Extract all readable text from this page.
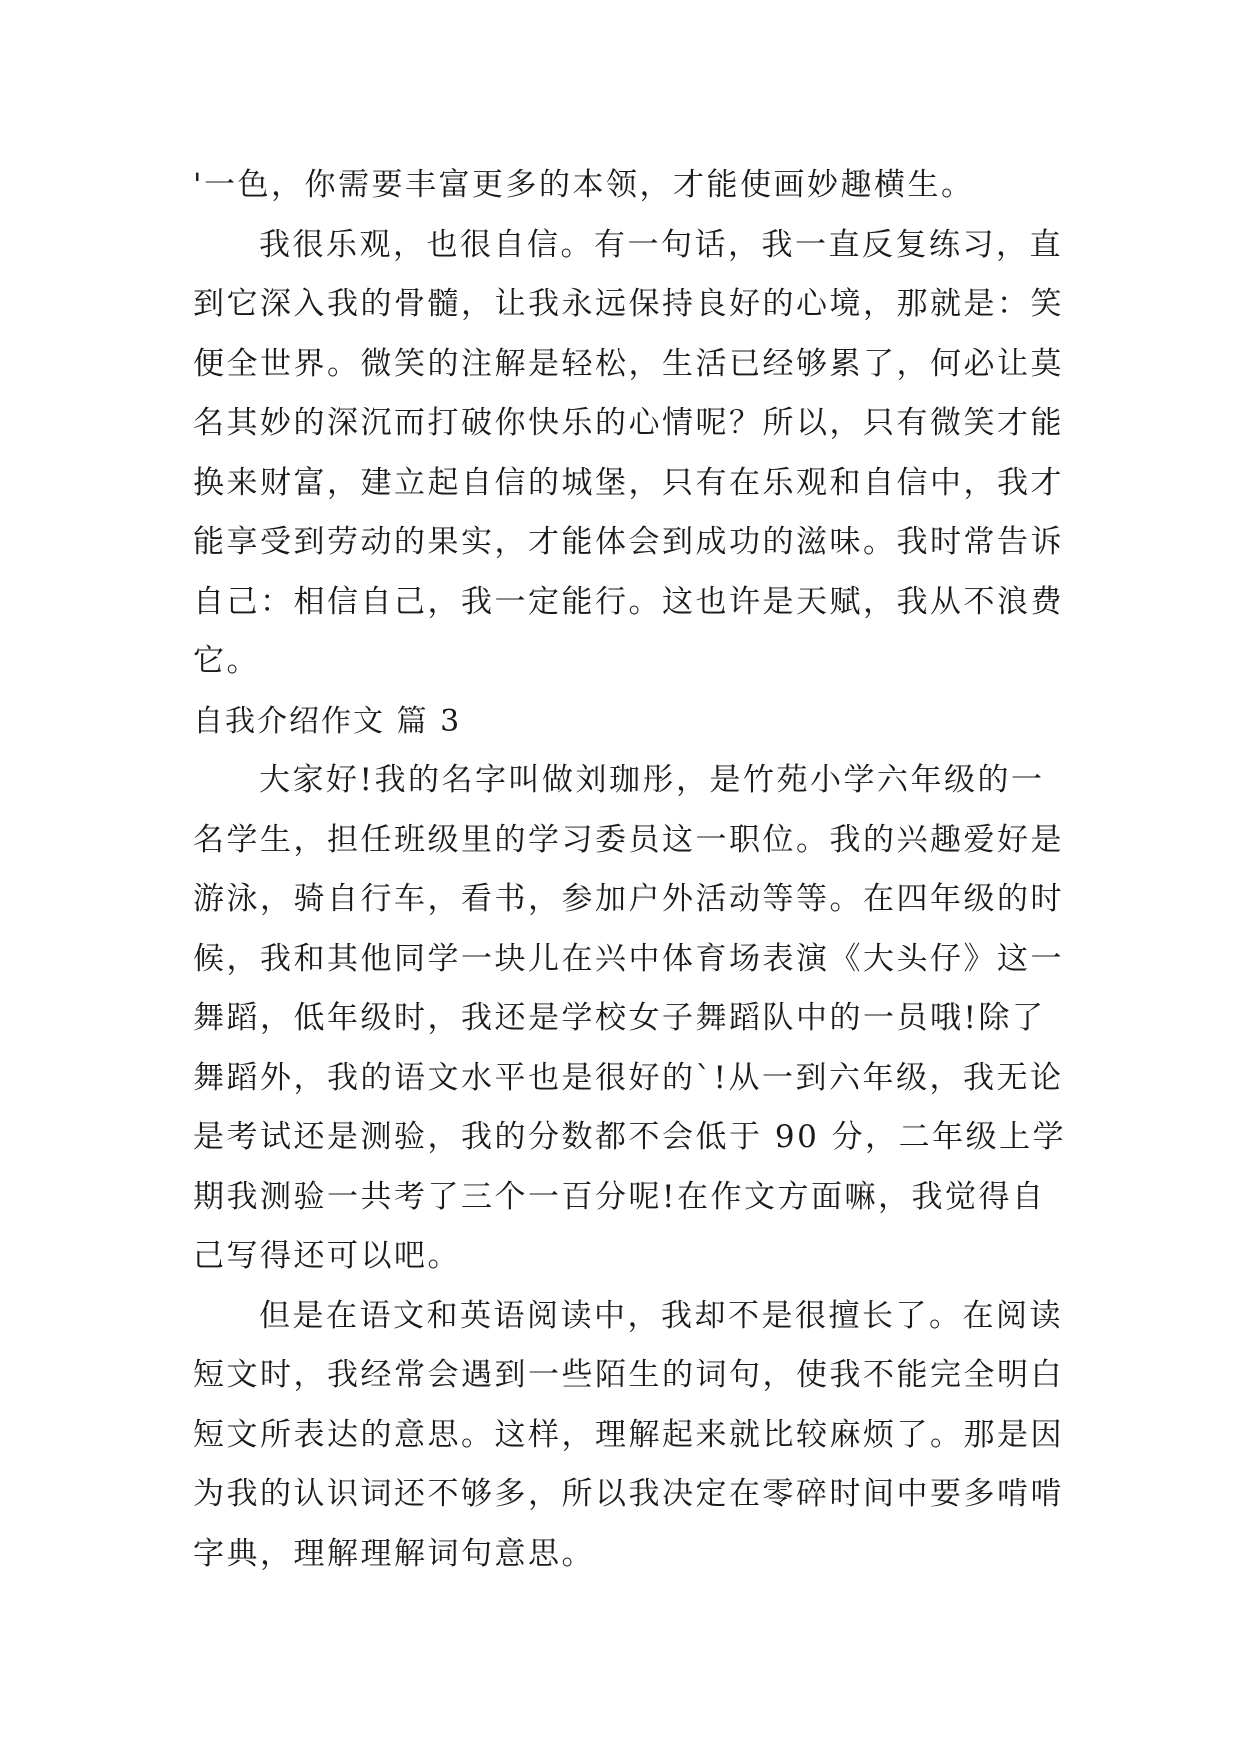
'一色，你需要丰富更多的本领，才能使画妙趣横生。
我很乐观，也很自信。有一句话，我一直反复练习，直
到它深入我的骨髓，让我永远保持良好的心境，那就是：笑
便全世界。微笑的注解是轻松，生活已经够累了，何必让莫
名其妙的深沉而打破你快乐的心情呢？所以，只有微笑才能
换来财富，建立起自信的城堡，只有在乐观和自信中，我才
能享受到劳动的果实，才能体会到成功的滋味。我时常告诉
自己：相信自己，我一定能行。这也许是天赋，我从不浪费
它。
自我介绍作文 篇 3
大家好!我的名字叫做刘珈彤，是竹苑小学六年级的一
名学生，担任班级里的学习委员这一职位。我的兴趣爱好是
游泳，骑自行车，看书，参加户外活动等等。在四年级的时
候，我和其他同学一块儿在兴中体育场表演《大头仔》这一
舞蹈，低年级时，我还是学校女子舞蹈队中的一员哦!除了
舞蹈外，我的语文水平也是很好的`!从一到六年级，我无论
是考试还是测验，我的分数都不会低于 90 分，二年级上学
期我测验一共考了三个一百分呢!在作文方面嘛，我觉得自
己写得还可以吧。
但是在语文和英语阅读中，我却不是很擅长了。在阅读
短文时，我经常会遇到一些陌生的词句，使我不能完全明白
短文所表达的意思。这样，理解起来就比较麻烦了。那是因
为我的认识词还不够多，所以我决定在零碎时间中要多啃啃
字典，理解理解词句意思。
